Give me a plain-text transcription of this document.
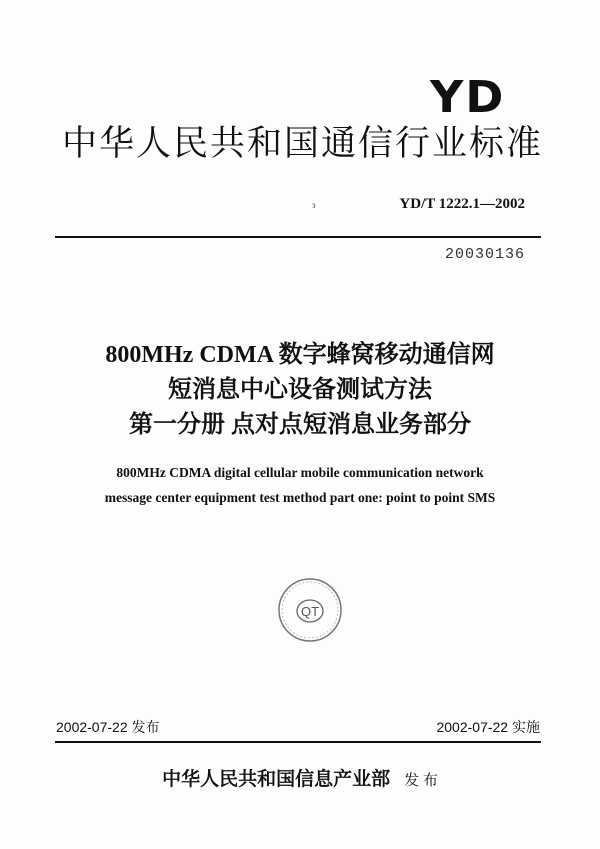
YD
中华人民共和国通信行业标准
з	YD/T 1222.1—2002
20030136
800MHz CDMA 数字蜂窝移动通信网
短消息中心设备测试方法
第一分册 点对点短消息业务部分
800MHz CDMA digital cellular mobile communication network
message center equipment test method part one: point to point SMS
QT
2002-07-22 发布	2002-07-22 实施
中华人民共和国信息产业部 发 布
